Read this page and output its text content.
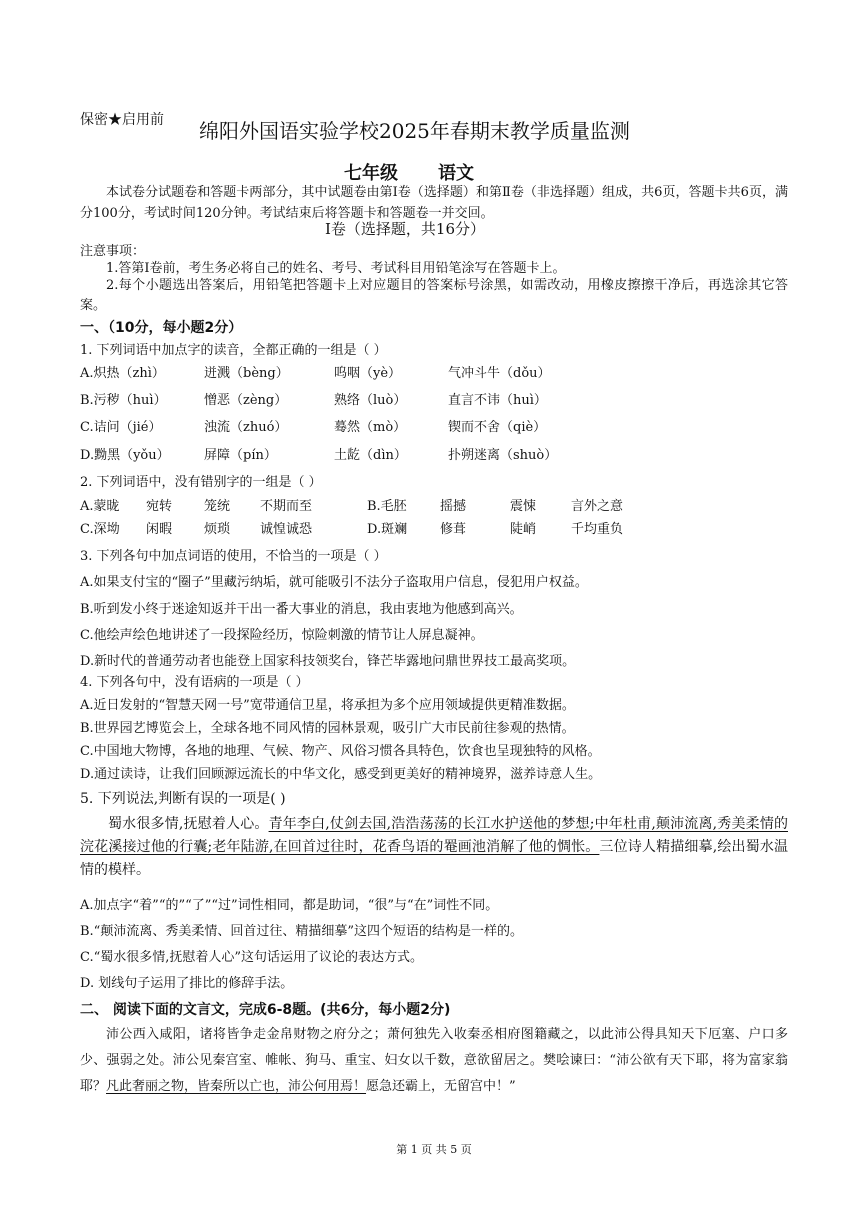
保密★启用前 绵阳外国语实验学校2025年春期末教学质量监测
七年级 语文
本试卷分试题卷和答题卡两部分，其中试题卷由第Ⅰ卷（选择题）和第Ⅱ卷（非选择题）组成，共6页，答题卡共6页，满分100分，考试时间120分钟。考试结束后将答题卡和答题卷一并交回。
Ⅰ卷（选择题，共16分）
注意事项：
1.答第Ⅰ卷前，考生务必将自己的姓名、考号、考试科目用铅笔涂写在答题卡上。
2.每个小题选出答案后，用铅笔把答题卡上对应题目的答案标号涂黑，如需改动，用橡皮擦擦干净后，再选涂其它答案。
一、（10分，每小题2分）
1. 下列词语中加点字的读音，全都正确的一组是（ ）
A.炽热（zhì）	迸溅（bèng）	呜咽（yè）	气冲斗牛（dǒu）
B.污秽（huì）	憎恶（zèng）	熟络（luò）	直言不讳（huì）
C.诘问（jié）	浊流（zhuó）	蓦然（mò）	锲而不舍（qiè）
D.黝黑（yǒu）	屏障（pín）	土龁（dìn）	扑朔迷离（shuò）
2. 下列词语中，没有错别字的一组是（ ）
A.蒙昽 宛转 笼统 不期而至	B.毛胚	摇撼	震悚	言外之意
C.深坳 闲暇 烦琐 诚惶诚恐	D.斑斓	修葺	陡峭	千均重负
3. 下列各句中加点词语的使用，不恰当的一项是（ ）
A.如果支付宝的“圈子”里藏污纳垢，就可能吸引不法分子盗取用户信息，侵犯用户权益。
B.听到发小终于迷途知返并干出一番大事业的消息，我由衷地为他感到高兴。
C.他绘声绘色地讲述了一段探险经历，惊险刺激的情节让人屏息凝神。
D.新时代的普通劳动者也能登上国家科技领奖台，锋芒毕露地问鼎世界技工最高奖项。
4. 下列各句中，没有语病的一项是（ ）
A.近日发射的“智慧天网一号”宽带通信卫星，将承担为多个应用领域提供更精准数据。
B.世界园艺博览会上，全球各地不同风情的园林景观，吸引广大市民前往参观的热情。
C.中国地大物博，各地的地理、气候、物产、风俗习惯各具特色，饮食也呈现独特的风格。
D.通过读诗，让我们回顾源远流长的中华文化，感受到更美好的精神境界，滋养诗意人生。
5. 下列说法,判断有误的一项是( )
蜀水很多情,抚慰着人心。青年李白,仗剑去国,浩浩荡荡的长江水护送他的梦想;中年杜甫,颠沛流离,秀美柔情的浣花溪接过他的行囊;老年陆游,在回首过往时，花香鸟语的罨画池消解了他的惆怅。三位诗人精描细摹,绘出蜀水温情的模样。
A.加点字“着”“的”“了”“过”词性相同，都是助词，“很”与“在”词性不同。
B.“颠沛流离、秀美柔情、回首过往、精描细摹”这四个短语的结构是一样的。
C.“蜀水很多情,抚慰着人心”这句话运用了议论的表达方式。
D. 划线句子运用了排比的修辞手法。
二、 阅读下面的文言文，完成6-8题。(共6分，每小题2分)
沛公西入咸阳，诸将皆争走金帛财物之府分之；萧何独先入收秦丞相府图籍藏之，以此沛公得具知天下厄塞、户口多少、强弱之处。沛公见秦宫室、帷帐、狗马、重宝、妇女以千数，意欲留居之。樊哙谏曰：“沛公欲有天下耶，将为富家翁耶？凡此奢丽之物，皆秦所以亡也，沛公何用焉！愿急还霸上，无留宫中！”
第 1 页 共 5 页
